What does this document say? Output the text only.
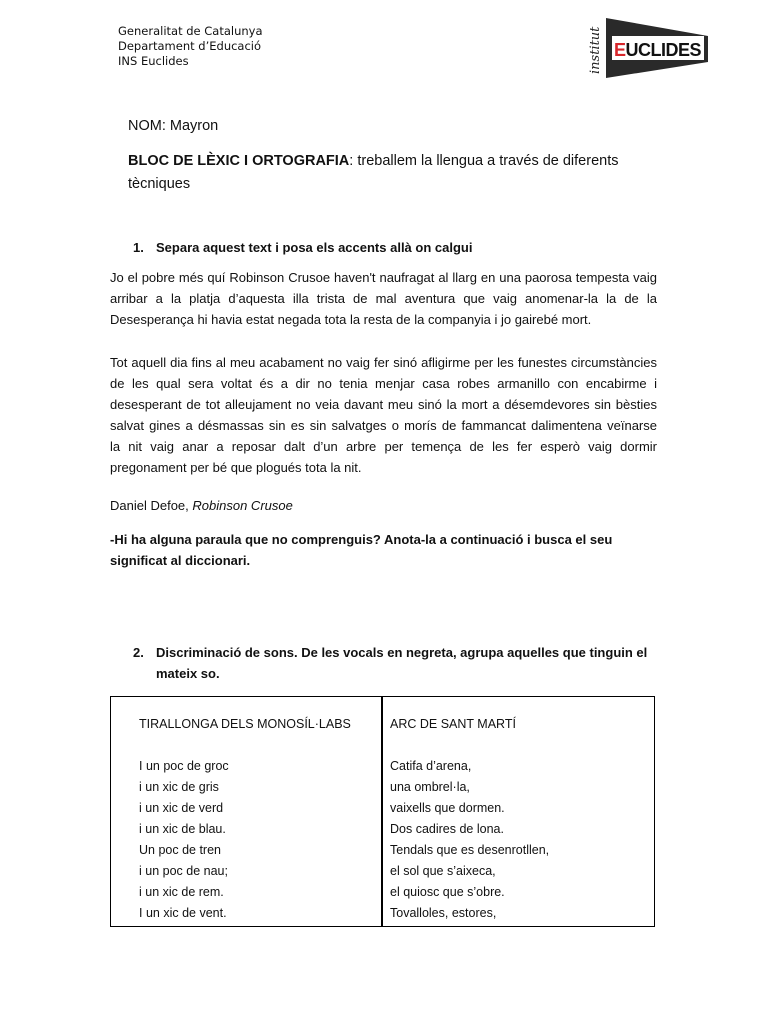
Generalitat de Catalunya
Departament d’Educació
INS Euclides	institut EUCLIDES
NOM: Mayron
BLOC DE LÈXIC I ORTOGRAFIA: treballem la llengua a través de diferents tècniques
1. Separa aquest text i posa els accents allà on calgui
Jo el pobre més quí Robinson Crusoe haven't naufragat al llarg en una paorosa tempesta vaig arribar a la platja d’aquesta illa trista de mal aventura que vaig anomenar-la la de la Desesperança hi havia estat negada tota la resta de la companyia i jo gairebé mort.
Tot aquell dia fins al meu acabament no vaig fer sinó afligirme per les funestes circumstàncies
de les qual sera voltat és a dir no tenia menjar casa robes armanillo con encabirme i
desesperant de tot alleujament no veia davant meu sinó la mort a désemdevores sin bèsties
salvat gines a désmassas sin es sin salvatges o morís de fammancat dalimentena veïnarse
la nit vaig anar a reposar dalt d’un arbre per temença de les fer esperò vaig dormir
pregonament per bé que plogués tota la nit.
Daniel Defoe, Robinson Crusoe
-Hi ha alguna paraula que no comprenguis? Anota-la a continuació i busca el seu significat al diccionari.
2. Discriminació de sons. De les vocals en negreta, agrupa aquelles que tinguin el
mateix so.
TIRALLONGA DELS MONOSÍL·LABS
I un poc de groc
i un xic de gris
i un xic de verd
i un xic de blau.
Un poc de tren
i un poc de nau;
i un xic de rem.
I un xic de vent.
ARC DE SANT MARTÍ
Catifa d’arena,
una ombrel·la,
vaixells que dormen.
Dos cadires de lona.
Tendals que es desenrotllen,
el sol que s’aixeca,
el quiosc que s’obre.
Tovalloles, estores,
